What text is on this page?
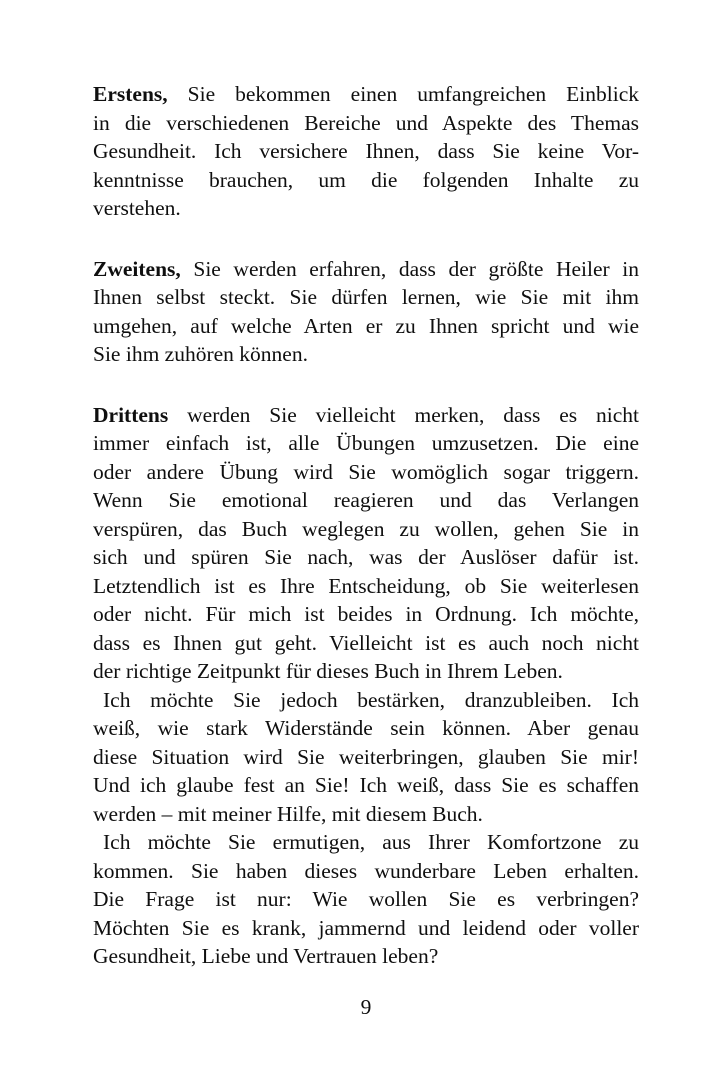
Erstens, Sie bekommen einen umfangreichen Einblick
in die verschiedenen Bereiche und Aspekte des Themas
Gesundheit. Ich versichere Ihnen, dass Sie keine Vor-
kenntnisse brauchen, um die folgenden Inhalte zu
verstehen.
Zweitens, Sie werden erfahren, dass der größte Heiler in
Ihnen selbst steckt. Sie dürfen lernen, wie Sie mit ihm
umgehen, auf welche Arten er zu Ihnen spricht und wie
Sie ihm zuhören können.
Drittens werden Sie vielleicht merken, dass es nicht
immer einfach ist, alle Übungen umzusetzen. Die eine
oder andere Übung wird Sie womöglich sogar triggern.
Wenn Sie emotional reagieren und das Verlangen
verspüren, das Buch weglegen zu wollen, gehen Sie in
sich und spüren Sie nach, was der Auslöser dafür ist.
Letztendlich ist es Ihre Entscheidung, ob Sie weiterlesen
oder nicht. Für mich ist beides in Ordnung. Ich möchte,
dass es Ihnen gut geht. Vielleicht ist es auch noch nicht
der richtige Zeitpunkt für dieses Buch in Ihrem Leben.
Ich möchte Sie jedoch bestärken, dranzubleiben. Ich
weiß, wie stark Widerstände sein können. Aber genau
diese Situation wird Sie weiterbringen, glauben Sie mir!
Und ich glaube fest an Sie! Ich weiß, dass Sie es schaffen
werden – mit meiner Hilfe, mit diesem Buch.
Ich möchte Sie ermutigen, aus Ihrer Komfortzone zu
kommen. Sie haben dieses wunderbare Leben erhalten.
Die Frage ist nur: Wie wollen Sie es verbringen?
Möchten Sie es krank, jammernd und leidend oder voller
Gesundheit, Liebe und Vertrauen leben?
9
